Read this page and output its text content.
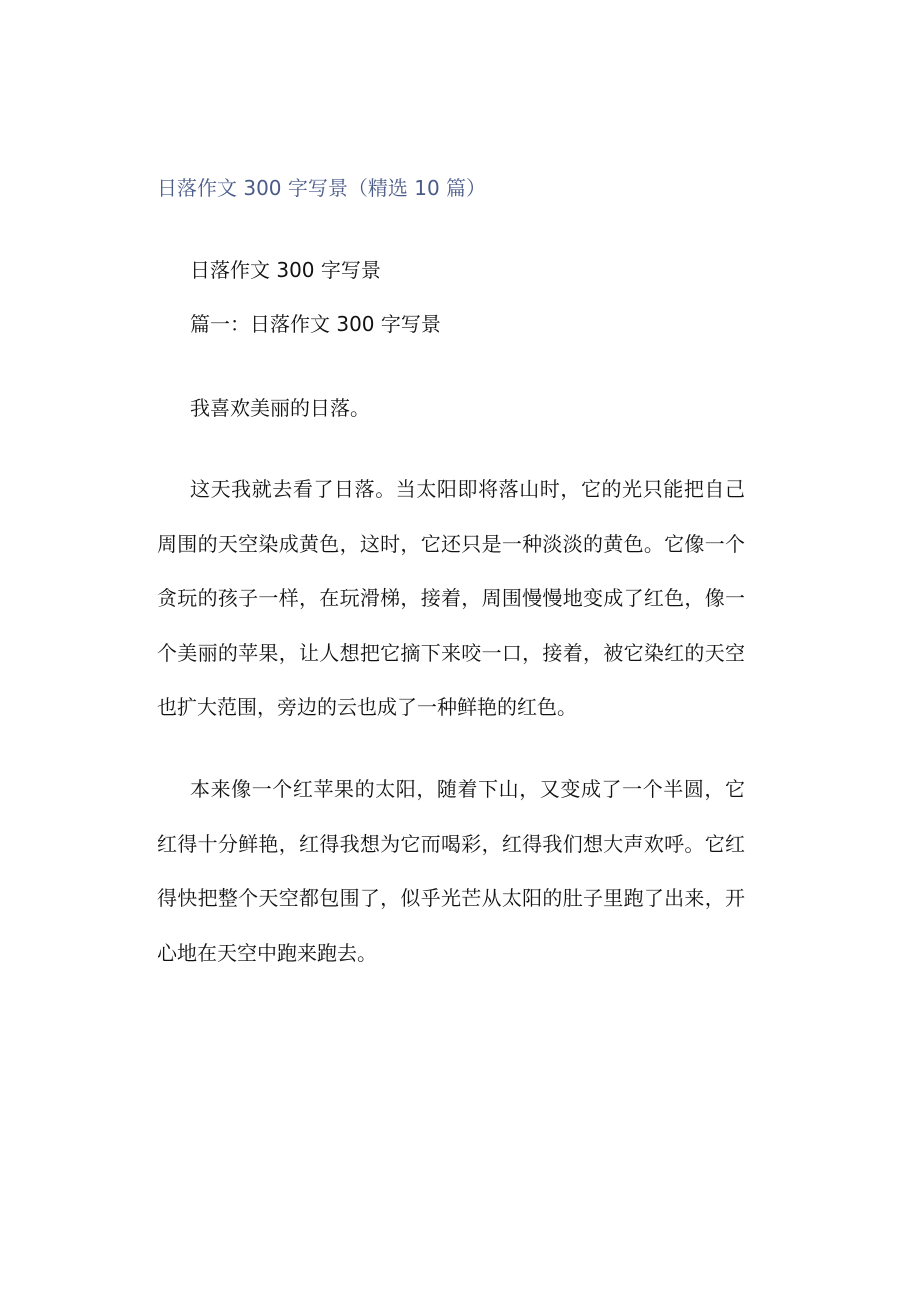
日落作文 300 字写景（精选 10 篇）

日落作文 300 字写景

篇一：日落作文 300 字写景

我喜欢美丽的日落。

这天我就去看了日落。当太阳即将落山时，它的光只能把自己周围的天空染成黄色，这时，它还只是一种淡淡的黄色。它像一个贪玩的孩子一样，在玩滑梯，接着，周围慢慢地变成了红色，像一个美丽的苹果，让人想把它摘下来咬一口，接着，被它染红的天空也扩大范围，旁边的云也成了一种鲜艳的红色。

本来像一个红苹果的太阳，随着下山，又变成了一个半圆，它红得十分鲜艳，红得我想为它而喝彩，红得我们想大声欢呼。它红得快把整个天空都包围了，似乎光芒从太阳的肚子里跑了出来，开心地在天空中跑来跑去。
